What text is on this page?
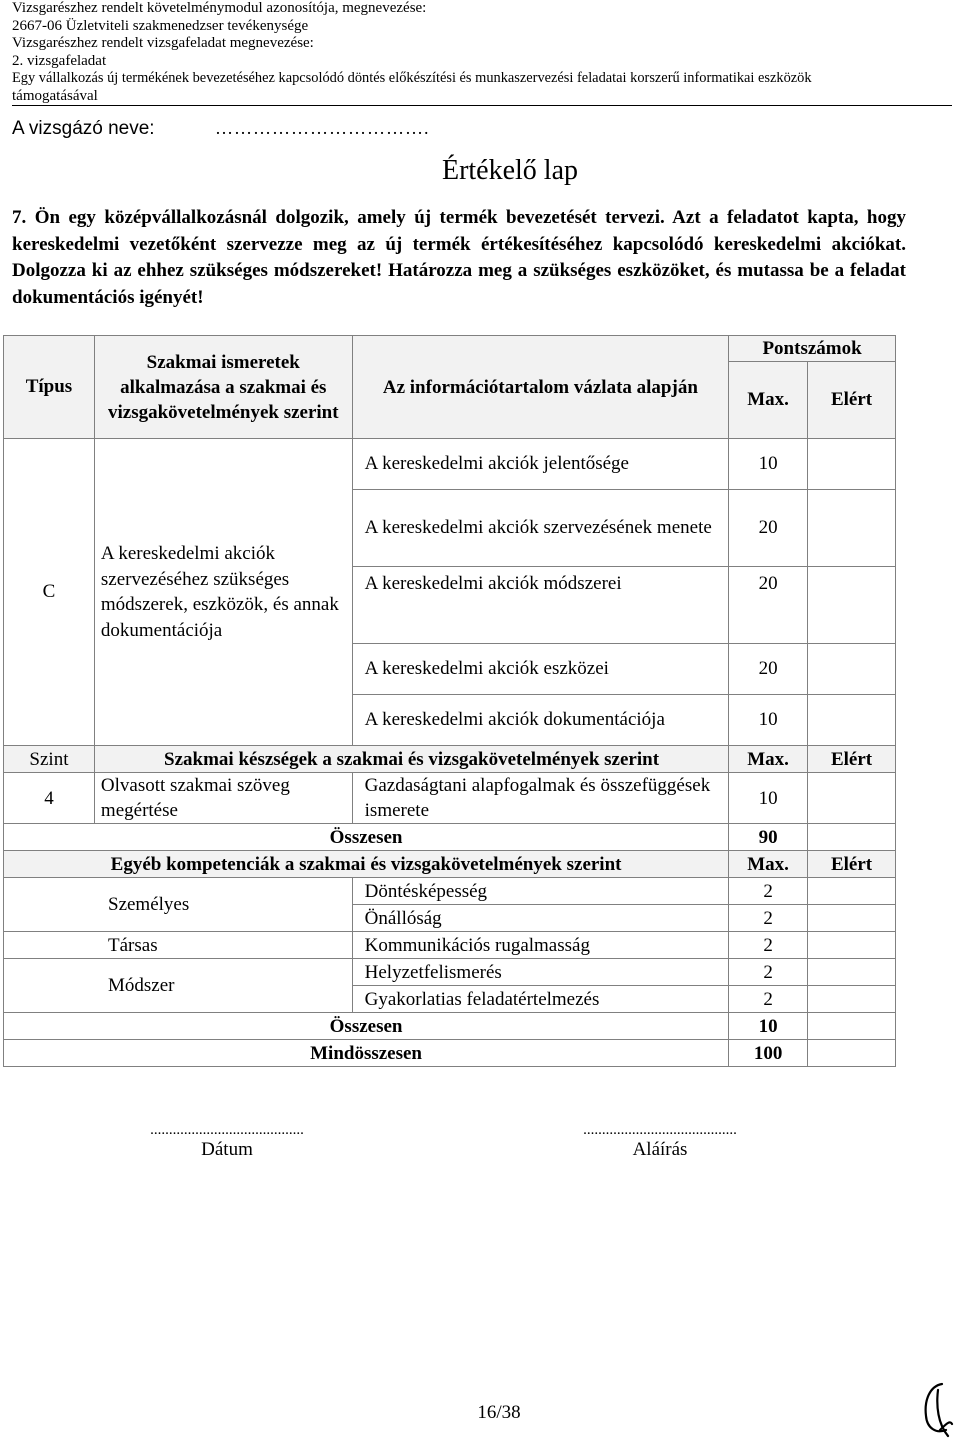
Vizsgarészhez rendelt követelménymodul azonosítója, megnevezése:
2667-06 Üzletviteli szakmenedzser tevékenysége
Vizsgarészhez rendelt vizsgafeladat megnevezése:
2. vizsgafeladat
Egy vállalkozás új termékének bevezetéséhez kapcsolódó döntés előkészítési és munkaszervezési feladatai korszerű informatikai eszközök
támogatásával
A vizsgázó neve:	…………………………….
Értékelő lap
7. Ön egy középvállalkozásnál dolgozik, amely új termék bevezetését tervezi. Azt a feladatot kapta, hogy kereskedelmi vezetőként szervezze meg az új termék értékesítéséhez kapcsolódó kereskedelmi akciókat. Dolgozza ki az ehhez szükséges módszereket! Határozza meg a szükséges eszközöket, és mutassa be a feladat dokumentációs igényét!
Típus	Szakmai ismeretek alkalmazása a szakmai és vizsgakövetelmények szerint	Az információtartalom vázlata alapján	Pontszámok	
			Max.	Elért
C	A kereskedelmi akciók szervezéséhez szükséges módszerek, eszközök, és annak dokumentációja	A kereskedelmi akciók jelentősége	10	
		A kereskedelmi akciók szervezésének menete	20	
		A kereskedelmi akciók módszerei	20	
		A kereskedelmi akciók eszközei	20	
		A kereskedelmi akciók dokumentációja	10	
Szint	Szakmai készségek a szakmai és vizsgakövetelmények szerint		Max.	Elért
4	Olvasott szakmai szöveg megértése	Gazdaságtani alapfogalmak és összefüggések ismerete	10	
Összesen			90	
Egyéb kompetenciák a szakmai és vizsgakövetelmények szerint			Max.	Elért
Személyes		Döntésképesség	2	
		Önállóság	2	
Társas		Kommunikációs rugalmasság	2	
Módszer		Helyzetfelismerés	2	
		Gyakorlatias feladatértelmezés	2	
Összesen			10	
Mindösszesen			100	
.........................................
Dátum
.........................................
Aláírás
16/38
